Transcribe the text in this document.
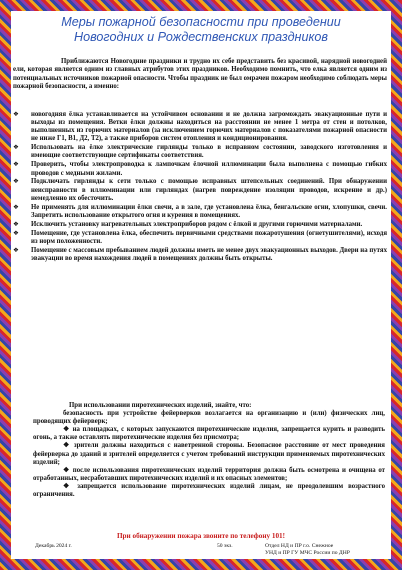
Меры пожарной безопасности при проведении
Новогодних и Рождественских праздников
Приближаются Новогодние праздники и трудно их себе представить без красивой, нарядной новогодней ели, которая является одним из главных атрибутов этих праздников. Необходимо помнить, что елка является одним из потенциальных источников пожарной опасности. Чтобы праздник не был омрачен пожаром необходимо соблюдать меры пожарной безопасности, а именно:
❖ новогодняя ёлка устанавливается на устойчивом основании и не должна загромождать эвакуационные пути и выходы из помещения. Ветки ёлки должны находиться на расстоянии не менее 1 метра от стен и потолков, выполненных из горючих материалов (за исключением горючих материалов с показателями пожарной опасности не ниже Г1, В1, Д2, Т2), а также приборов систем отопления и кондиционирования.
❖ Использовать на ёлке электрические гирлянды только в исправном состоянии, заводского изготовления и имеющие соответствующие сертификаты соответствия.
❖ Проверить, чтобы электропроводка к лампочкам ёлочной иллюминации была выполнена с помощью гибких проводов с медными жилами.
❖ Подключать гирлянды к сети только с помощью исправных штепсельных соединений. При обнаружении неисправности в иллюминации или гирляндах (нагрев повреждение изоляции проводов, искрение и др.) немедленно их обесточить.
❖ Не применять для иллюминации ёлки свечи, а в зале, где установлена ёлка, бенгальские огни, хлопушки, свечи. Запретить использование открытого огня и курения в помещениях.
❖ Исключить установку нагревательных электроприборов рядом с ёлкой и другими горючими материалами.
❖ Помещение, где установлена ёлка, обеспечить первичными средствами пожаротушения (огнетушителями), исходя из норм положенности.
❖ Помещение с массовым пребыванием людей должны иметь не менее двух эвакуационных выходов. Двери на путях эвакуации во время нахождения людей в помещениях должны быть открыты.

При использовании пиротехнических изделий, знайте, что:

безопасность при устройстве фейерверков возлагается на организацию и (или) физических лиц, проводящих фейерверк;

❖ на площадках, с которых запускаются пиротехнические изделия, запрещается курить и разводить огонь, а также оставлять пиротехнические изделия без присмотра;

❖ зрители должны находиться с наветренной стороны. Безопасное расстояние от мест проведения фейерверка до зданий и зрителей определяется с учетом требований инструкции применяемых пиротехнических изделий;

❖ после использования пиротехнических изделий территория должна быть осмотрена и очищена от отработанных, несработавших пиротехнических изделий и их опасных элементов;

❖ запрещается использование пиротехнических изделий лицам, не преодолевшим возрастного ограничения.

При обнаружении пожара звоните по телефону 101!
Декабрь 2024 г.	50 экз.	Отдел НД и ПР г.о. Снежное
УНД и ПР ГУ МЧС России по ДНР
